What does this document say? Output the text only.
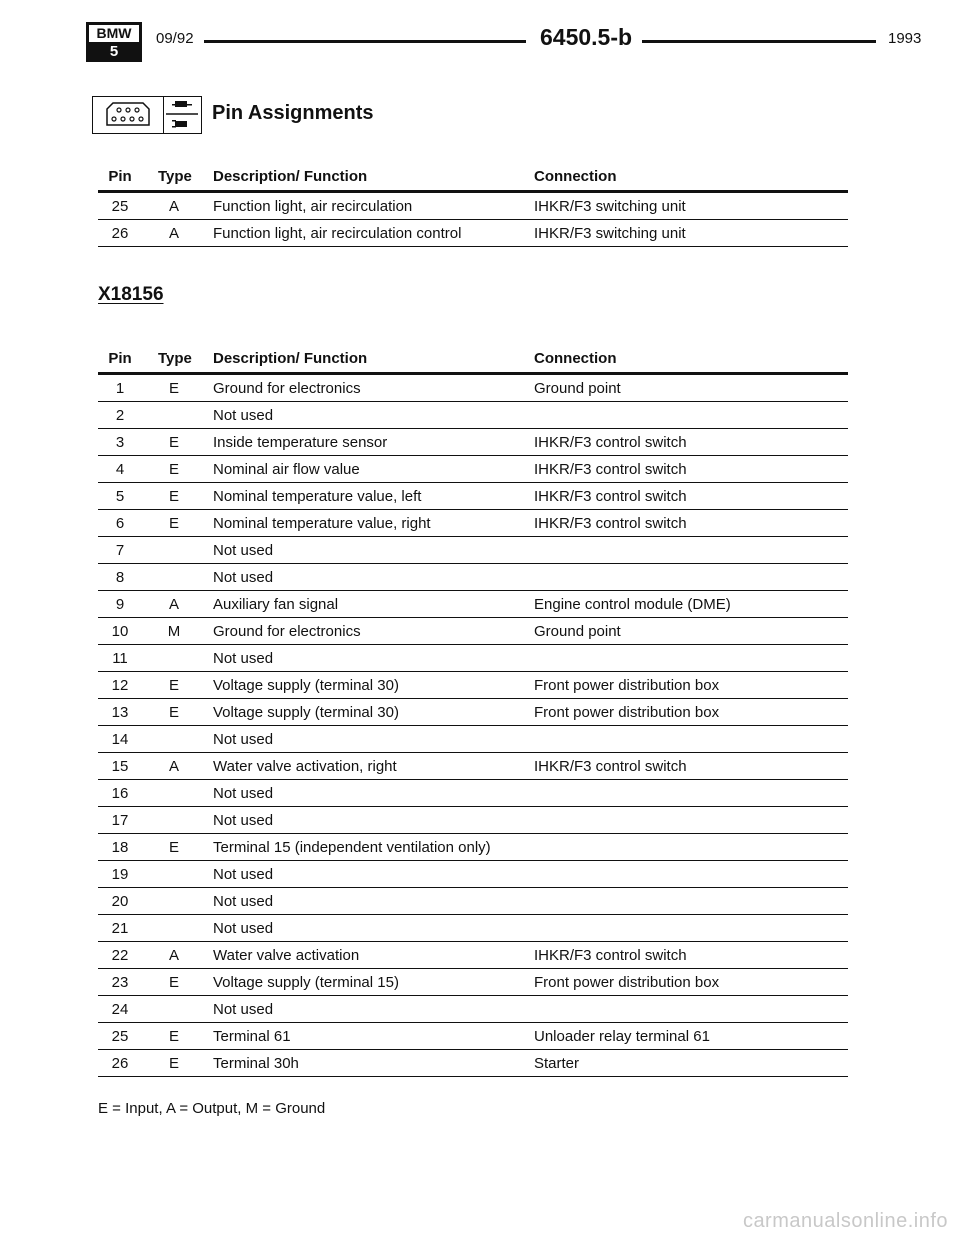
BMW
5
09/92	6450.5-b	1993
Pin Assignments
Pin	Type Description/ Function	Connection
25	A	Function light, air recirculation	IHKR/F3 switching unit
26	A	Function light, air recirculation control	IHKR/F3 switching unit
X18156
Pin	Type Description/ Function	Connection
1	E	Ground for electronics	Ground point
2	Not used
3	E	Inside temperature sensor	IHKR/F3 control switch
4	E	Nominal air flow value	IHKR/F3 control switch
5	E	Nominal temperature value, left	IHKR/F3 control switch
6	E	Nominal temperature value, right	IHKR/F3 control switch
7	Not used
8	Not used
9	A	Auxiliary fan signal	Engine control module (DME)
10	M	Ground for electronics	Ground point
11	Not used
12	E	Voltage supply (terminal 30)	Front power distribution box
13	E	Voltage supply (terminal 30)	Front power distribution box
14	Not used
15	A	Water valve activation, right	IHKR/F3 control switch
16	Not used
17	Not used
18	E	Terminal 15 (independent ventilation only)
19	Not used
20	Not used
21	Not used
22	A	Water valve activation	IHKR/F3 control switch
23	E	Voltage supply (terminal 15)	Front power distribution box
24	Not used
25	E	Terminal 61	Unloader relay terminal 61
26	E	Terminal 30h	Starter
E = Input, A = Output, M = Ground
carmanualsonline.info
